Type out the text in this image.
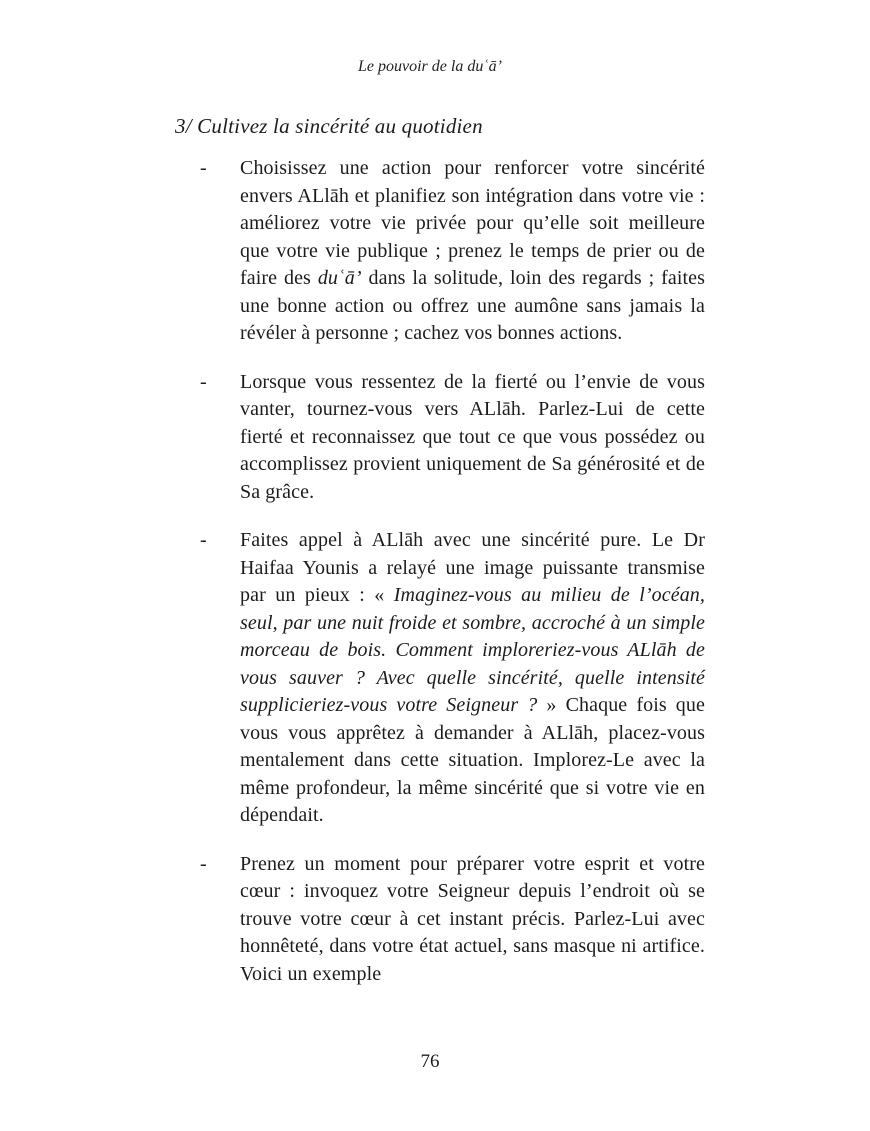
Le pouvoir de la duʿā’
3/ Cultivez la sincérité au quotidien
- Choisissez une action pour renforcer votre sincérité envers ALlāh et planifiez son intégration dans votre vie : améliorez votre vie privée pour qu’elle soit meilleure que votre vie publique ; prenez le temps de prier ou de faire des duʿā’ dans la solitude, loin des regards ; faites une bonne action ou offrez une aumône sans jamais la révéler à personne ; cachez vos bonnes actions.

- Lorsque vous ressentez de la fierté ou l’envie de vous vanter, tournez-vous vers ALlāh. Parlez-Lui de cette fierté et reconnaissez que tout ce que vous possédez ou accomplissez provient uniquement de Sa générosité et de Sa grâce.

- Faites appel à ALlāh avec une sincérité pure. Le Dr Haifaa Younis a relayé une image puissante transmise par un pieux : « Imaginez-vous au milieu de l’océan, seul, par une nuit froide et sombre, accroché à un simple morceau de bois. Comment imploreriez-vous ALlāh de vous sauver ? Avec quelle sincérité, quelle intensité supplicieriez-vous votre Seigneur ? » Chaque fois que vous vous apprêtez à demander à ALlāh, placez-vous mentalement dans cette situation. Implorez-Le avec la même profondeur, la même sincérité que si votre vie en dépendait.

- Prenez un moment pour préparer votre esprit et votre cœur : invoquez votre Seigneur depuis l’endroit où se trouve votre cœur à cet instant précis. Parlez-Lui avec honnêteté, dans votre état actuel, sans masque ni artifice. Voici un exemple

76
